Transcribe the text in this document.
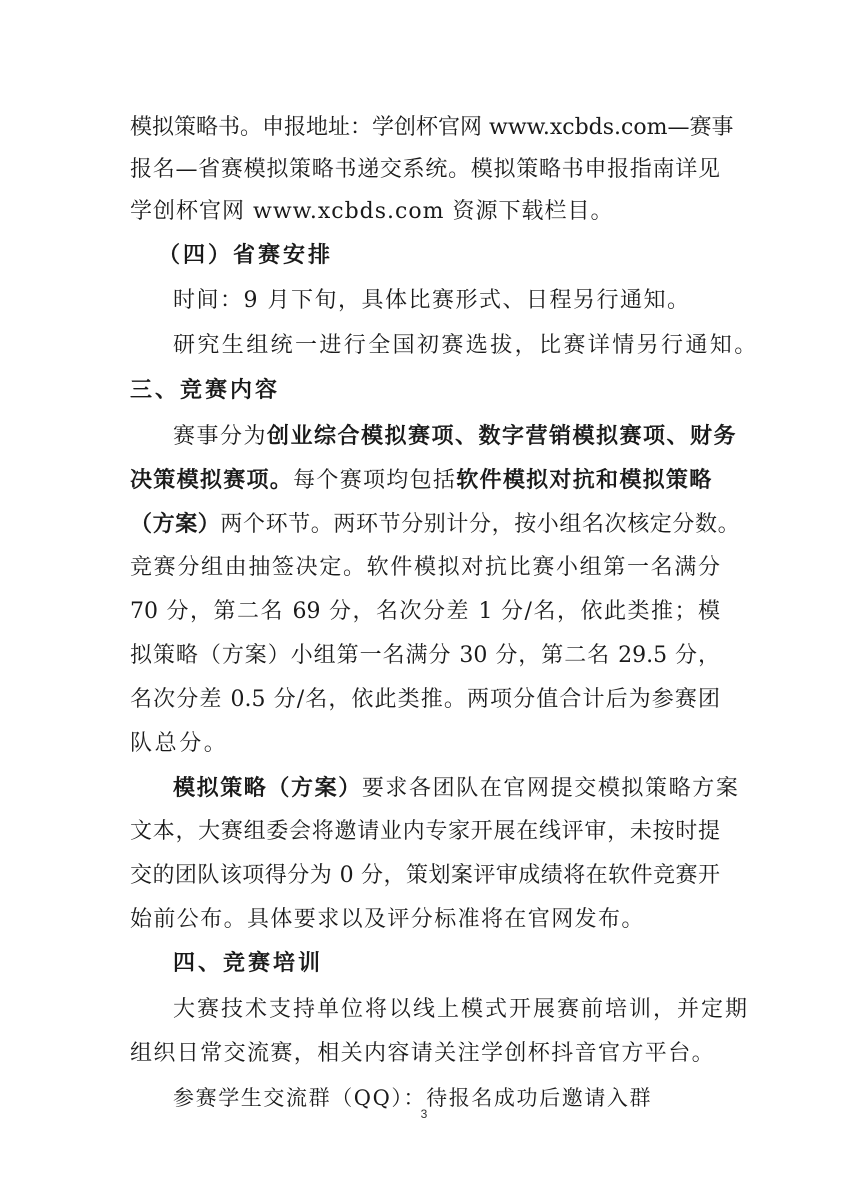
模拟策略书。申报地址：学创杯官网 www.xcbds.com—赛事
报名—省赛模拟策略书递交系统。模拟策略书申报指南详见
学创杯官网 www.xcbds.com 资源下载栏目。
（四）省赛安排
时间：9 月下旬，具体比赛形式、日程另行通知。
研究生组统一进行全国初赛选拔，比赛详情另行通知。
三、竞赛内容
赛事分为创业综合模拟赛项、数字营销模拟赛项、财务
决策模拟赛项。每个赛项均包括软件模拟对抗和模拟策略
（方案）两个环节。两环节分别计分，按小组名次核定分数。
竞赛分组由抽签决定。软件模拟对抗比赛小组第一名满分
70 分，第二名 69 分，名次分差 1 分/名，依此类推；模
拟策略（方案）小组第一名满分 30 分，第二名 29.5 分，
名次分差 0.5 分/名，依此类推。两项分值合计后为参赛团
队总分。
模拟策略（方案）要求各团队在官网提交模拟策略方案
文本，大赛组委会将邀请业内专家开展在线评审，未按时提
交的团队该项得分为 0 分，策划案评审成绩将在软件竞赛开
始前公布。具体要求以及评分标准将在官网发布。
四、竞赛培训
大赛技术支持单位将以线上模式开展赛前培训，并定期
组织日常交流赛，相关内容请关注学创杯抖音官方平台。
参赛学生交流群（QQ）：待报名成功后邀请入群
3
